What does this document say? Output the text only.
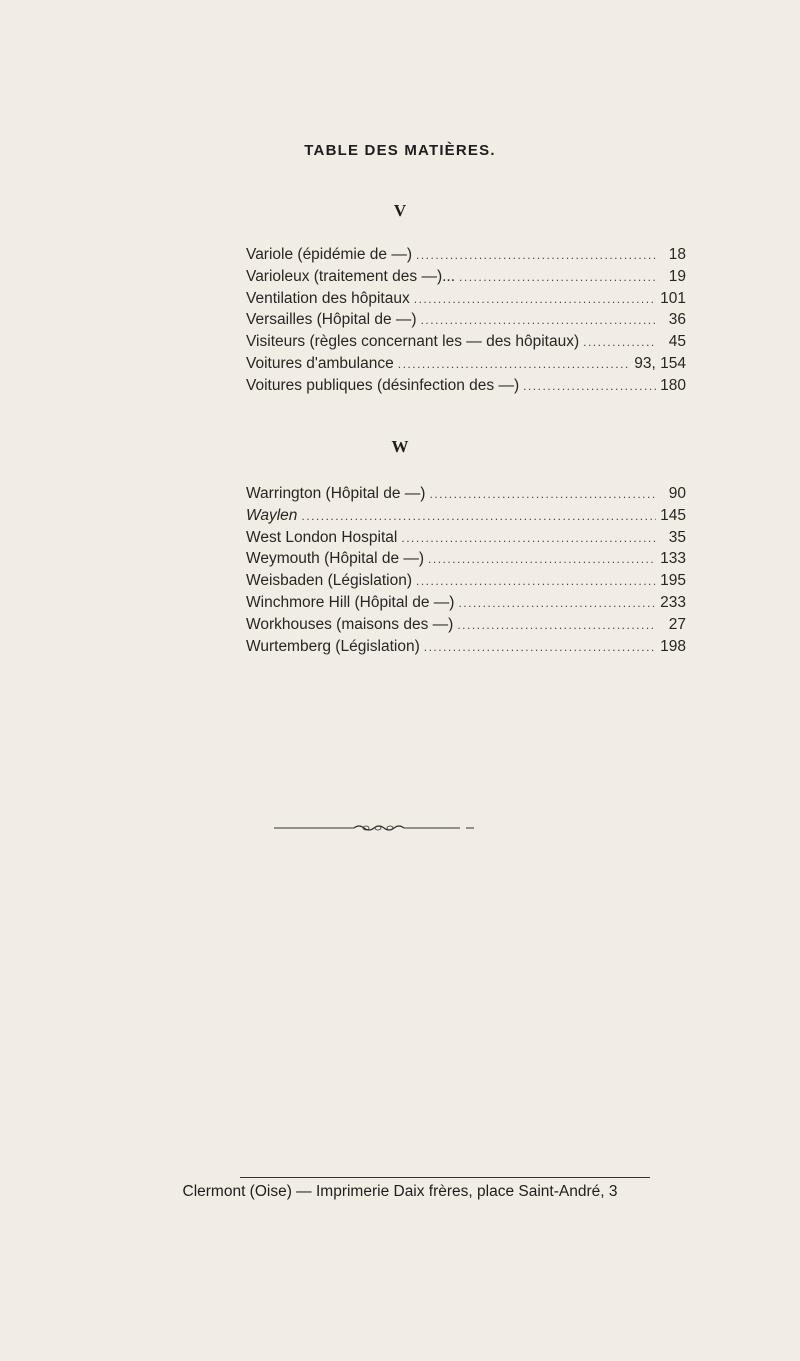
TABLE DES MATIÈRES.
V
Variole (épidémie de —) .....	18
Varioleux (traitement des —)... .....	19
Ventilation des hôpitaux .....	101
Versailles (Hôpital de —) .....	36
Visiteurs (règles concernant les — des hôpitaux) .....	45
Voitures d'ambulance .....	93, 154
Voitures publiques (désinfection des —) .....	180
W
Warrington (Hôpital de —) .....	90
Waylen .....	145
West London Hospital .....	35
Weymouth (Hôpital de —) .....	133
Weisbaden (Législation) .....	195
Winchmore Hill (Hôpital de —) .....	233
Workhouses (maisons des —) .....	27
Wurtemberg (Législation) .....	198
Clermont (Oise) — Imprimerie Daix frères, place Saint-André, 3
